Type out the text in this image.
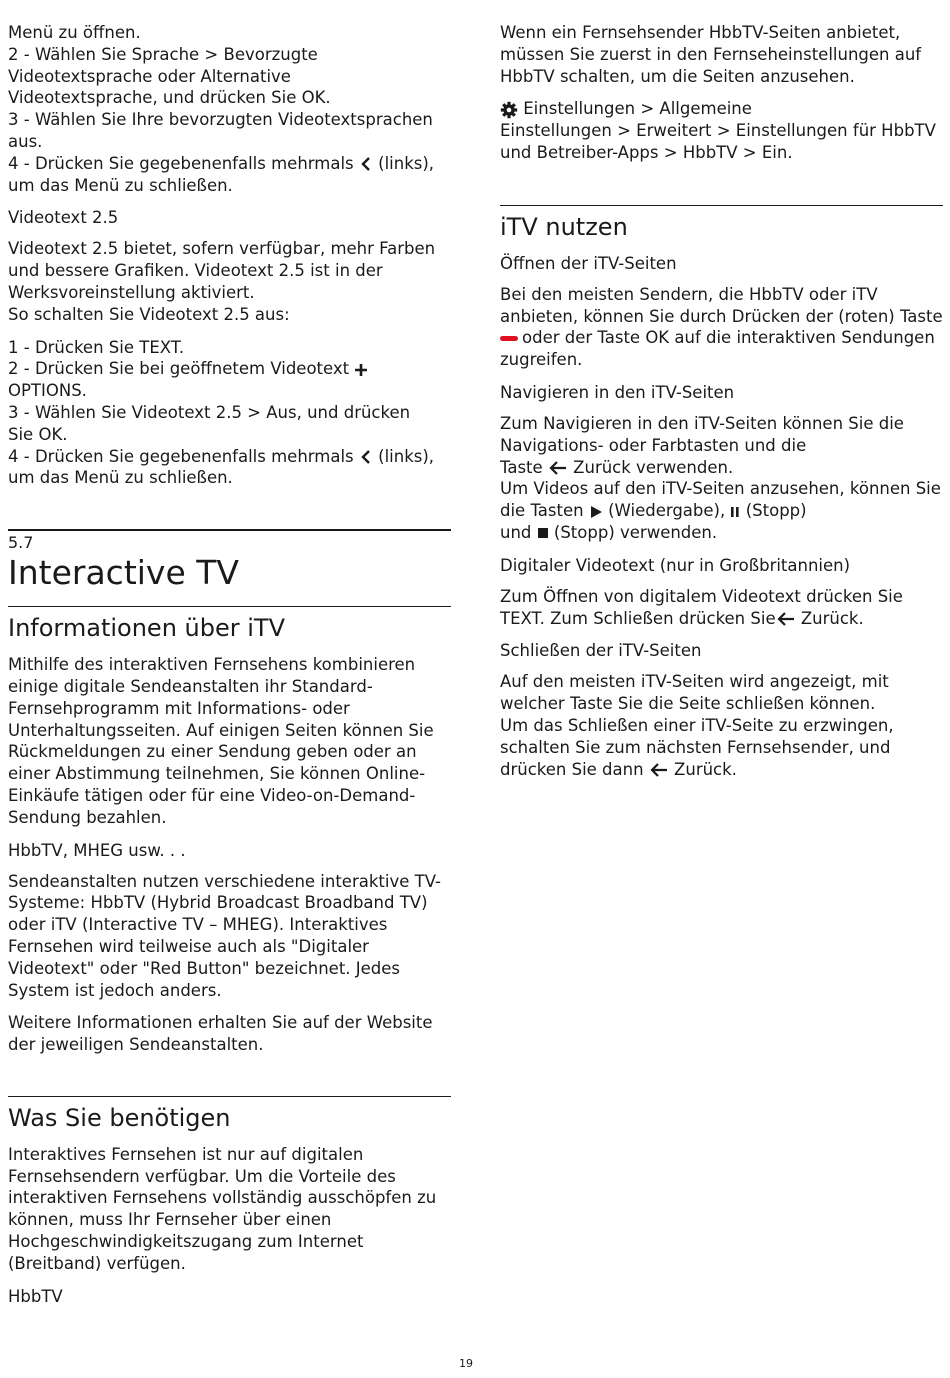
Menü zu öffnen.

2 - Wählen Sie Sprache > Bevorzugte

Videotextsprache oder Alternative

Videotextsprache, und drücken Sie OK.

3 - Wählen Sie Ihre bevorzugten Videotextsprachen

aus.

4 - Drücken Sie gegebenenfalls mehrmals (links),

um das Menü zu schließen.

Videotext 2.5

Videotext 2.5 bietet, sofern verfügbar, mehr Farben

und bessere Grafiken. Videotext 2.5 ist in der

Werksvoreinstellung aktiviert.

So schalten Sie Videotext 2.5 aus:

1 - Drücken Sie TEXT.

2 - Drücken Sie bei geöffnetem Videotext

OPTIONS.

3 - Wählen Sie Videotext 2.5 > Aus, und drücken

Sie OK.

4 - Drücken Sie gegebenenfalls mehrmals (links),

um das Menü zu schließen.

5.7

Interactive TV

Informationen über iTV

Mithilfe des interaktiven Fernsehens kombinieren

einige digitale Sendeanstalten ihr Standard-

Fernsehprogramm mit Informations- oder

Unterhaltungsseiten. Auf einigen Seiten können Sie

Rückmeldungen zu einer Sendung geben oder an

einer Abstimmung teilnehmen, Sie können Online-

Einkäufe tätigen oder für eine Video-on-Demand-

Sendung bezahlen.

HbbTV, MHEG usw. . .

Sendeanstalten nutzen verschiedene interaktive TV-

Systeme: HbbTV (Hybrid Broadcast Broadband TV)

oder iTV (Interactive TV – MHEG). Interaktives

Fernsehen wird teilweise auch als "Digitaler

Videotext" oder "Red Button" bezeichnet. Jedes

System ist jedoch anders.

Weitere Informationen erhalten Sie auf der Website

der jeweiligen Sendeanstalten.

Was Sie benötigen

Interaktives Fernsehen ist nur auf digitalen

Fernsehsendern verfügbar. Um die Vorteile des

interaktiven Fernsehens vollständig ausschöpfen zu

können, muss Ihr Fernseher über einen

Hochgeschwindigkeitszugang zum Internet

(Breitband) verfügen.

HbbTV

Wenn ein Fernsehsender HbbTV-Seiten anbietet,

müssen Sie zuerst in den Fernseheinstellungen auf

HbbTV schalten, um die Seiten anzusehen.

Einstellungen > Allgemeine

Einstellungen > Erweitert > Einstellungen für HbbTV

und Betreiber-Apps > HbbTV > Ein.

iTV nutzen

Öffnen der iTV-Seiten

Bei den meisten Sendern, die HbbTV oder iTV

anbieten, können Sie durch Drücken der (roten) Taste

oder der Taste OK auf die interaktiven Sendungen

zugreifen.

Navigieren in den iTV-Seiten

Zum Navigieren in den iTV-Seiten können Sie die

Navigations- oder Farbtasten und die

Taste
Zurück verwenden.

Um Videos auf den iTV-Seiten anzusehen, können Sie

die Tasten
(Wiedergabe), (Stopp)

und
(Stopp) verwenden.

Digitaler Videotext (nur in Großbritannien)

Zum Öffnen von digitalem Videotext drücken Sie

TEXT. Zum Schließen drücken Sie
Zurück.

Schließen der iTV-Seiten

Auf den meisten iTV-Seiten wird angezeigt, mit

welcher Taste Sie die Seite schließen können.

Um das Schließen einer iTV-Seite zu erzwingen,

schalten Sie zum nächsten Fernsehsender, und

drücken Sie dann
Zurück.

19
